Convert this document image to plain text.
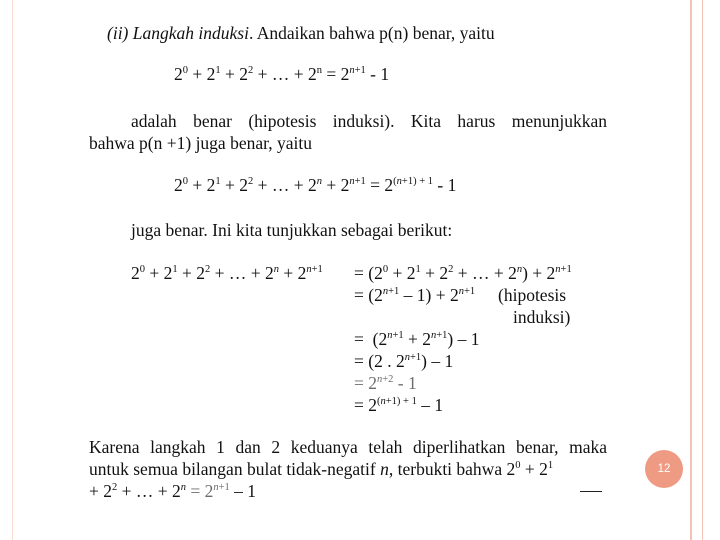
(ii) Langkah induksi. Andaikan bahwa p(n) benar, yaitu
$2^0 + 2^1 + 2^2$ + … + $2^n = 2^{n+1} - 1$
adalah benar (hipotesis induksi). Kita harus menunjukkan
bahwa p(n +1) juga benar, yaitu
$2^0 + 2^1 + 2^2$ + … + $2^n + 2^{n+1} = 2^{(n+1) + 1} - 1$
juga benar. Ini kita tunjukkan sebagai berikut:
$2^0 + 2^1 + 2^2$ + … + $2^n + 2^{n+1} = (2^0 + 2^1 + 2^2$ + … + $2^n) + 2^{n+1}$
= $(2^{n+1} - 1) + 2^{n+1}$ (hipotesis
induksi)
=  $(2^{n+1} + 2^{n+1}) - 1$
= (2 . $2^{n+1}) - 1$
= $2^{n+2} - 1$
= $2^{(n+1) + 1} - 1$
Karena langkah 1 dan 2 keduanya telah diperlihatkan benar, maka
untuk semua bilangan bulat tidak-negatif n, terbukti bahwa $2^0 + 2^1$
+ $2^2$ + … + $2^n = 2^{n+1} - 1$
12
